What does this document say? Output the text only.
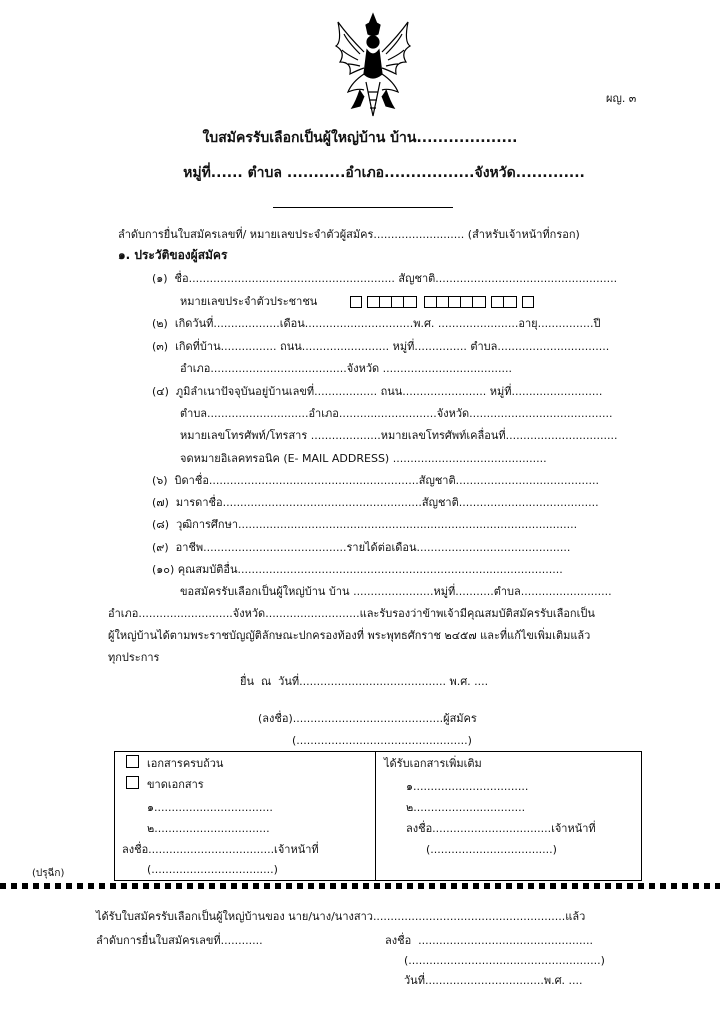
ผญ. ๓
ใบสมัครรับเลือกเป็นผู้ใหญ่บ้าน บ้าน...................
หมู่ที่...... ตำบล ...........อำเภอ.................จังหวัด.............
ลำดับการยื่นใบสมัครเลขที่/ หมายเลขประจำตัวผู้สมัคร.......................... (สำหรับเจ้าหน้าที่กรอก)
๑. ประวัติของผู้สมัคร
(๑)  ชื่อ........................................................... สัญชาติ....................................................
หมายเลขประจำตัวประชาชน
(๒)  เกิดวันที่...................เดือน...............................พ.ศ. .......................อายุ................ปี
(๓)  เกิดที่บ้าน................ ถนน......................... หมู่ที่............... ตำบล................................
อำเภอ.......................................จังหวัด .....................................
(๔)  ภูมิลำเนาปัจจุบันอยู่บ้านเลขที่.................. ถนน........................ หมู่ที่..........................
ตำบล.............................อำเภอ............................จังหวัด.........................................
หมายเลขโทรศัพท์/โทรสาร ....................หมายเลขโทรศัพท์เคลื่อนที่................................
จดหมายอิเลคทรอนิค (E- MAIL ADDRESS) ............................................
(๖)  บิดาชื่อ............................................................สัญชาติ.........................................
(๗)  มารดาชื่อ.........................................................สัญชาติ........................................
(๘)  วุฒิการศึกษา.................................................................................................
(๙)  อาชีพ.........................................รายได้ต่อเดือน............................................
(๑๐) คุณสมบัติอื่น.............................................................................................
ขอสมัครรับเลือกเป็นผู้ใหญ่บ้าน บ้าน .......................หมู่ที่...........ตำบล..........................
อำเภอ...........................จังหวัด...........................และรับรองว่าข้าพเจ้ามีคุณสมบัติสมัครรับเลือกเป็น
ผู้ใหญ่บ้านได้ตามพระราชบัญญัติลักษณะปกครองท้องที่ พระพุทธศักราช ๒๔๕๗ และที่แก้ไขเพิ่มเติมแล้ว
ทุกประการ
ยื่น  ณ  วันที่.......................................... พ.ศ. ....
(ลงชื่อ)...........................................ผู้สมัคร
(.................................................)
เอกสารครบถ้วน
ขาดเอกสาร
๑..................................
๒.................................
ลงชื่อ....................................เจ้าหน้าที่
(...................................)
ได้รับเอกสารเพิ่มเติม
๑.................................
๒................................
ลงชื่อ..................................เจ้าหน้าที่
(...................................)
(ปรุฉีก)
ได้รับใบสมัครรับเลือกเป็นผู้ใหญ่บ้านของ นาย/นาง/นางสาว.......................................................แล้ว
ลำดับการยื่นใบสมัครเลขที่............	ลงชื่อ  ..................................................
(.......................................................)
วันที่..................................พ.ศ. ....
